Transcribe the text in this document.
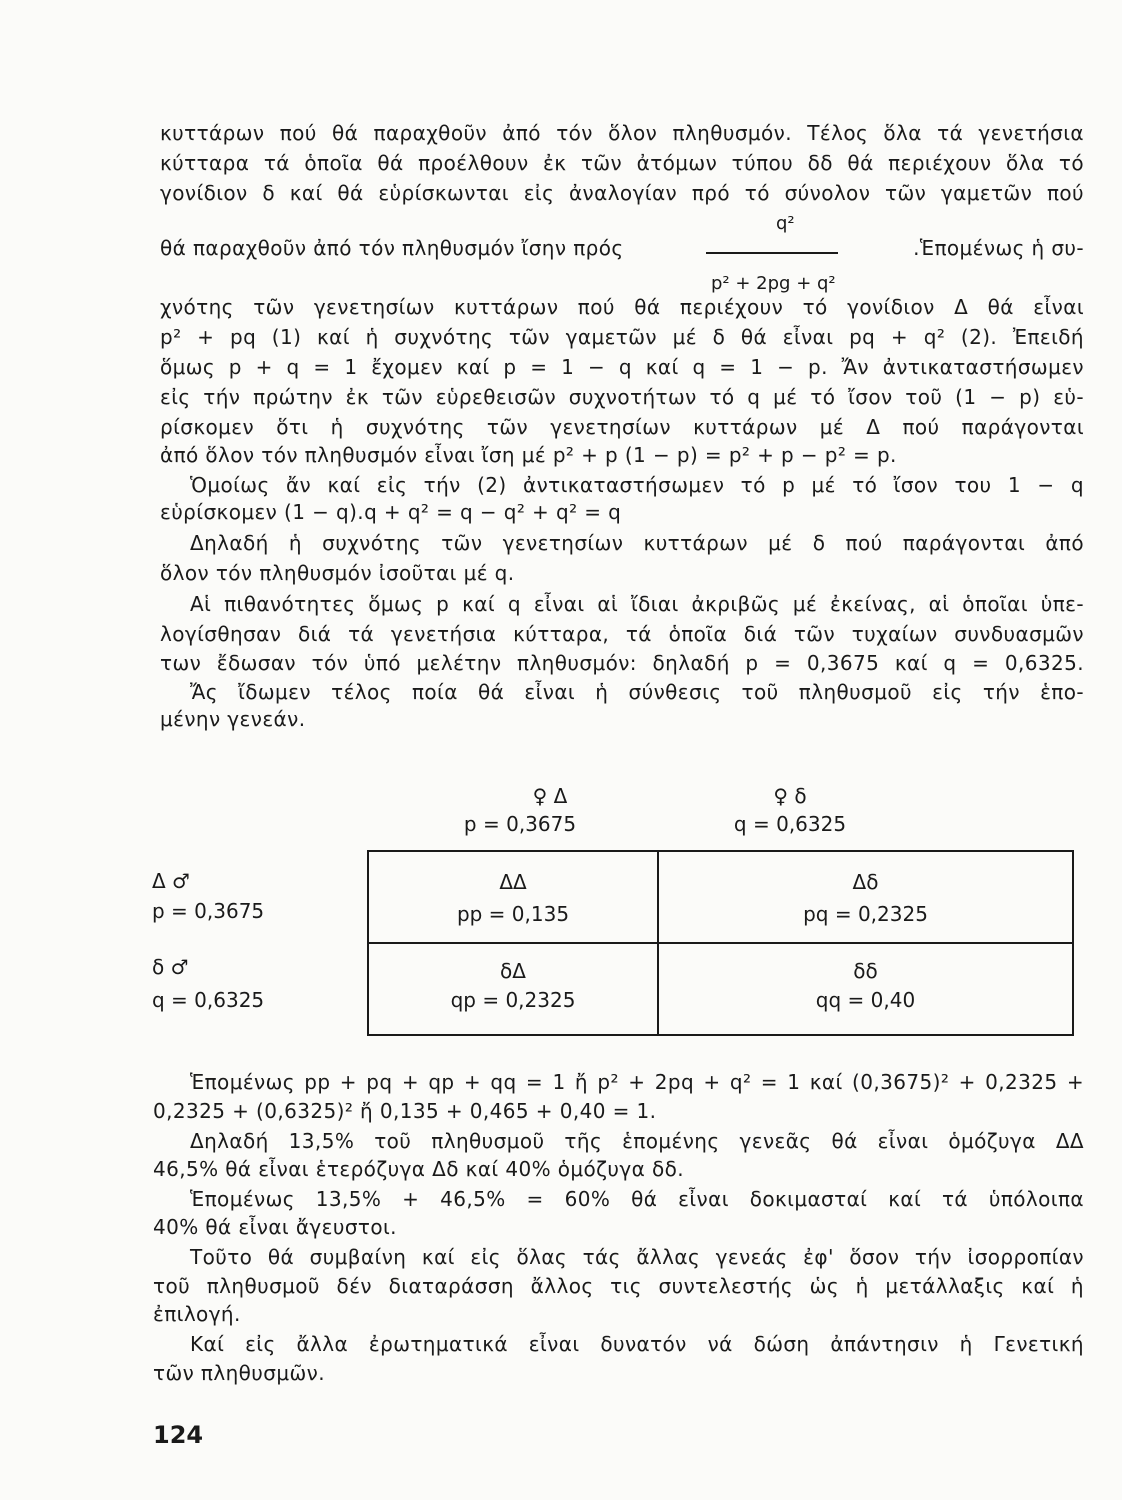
κυττάρων πού θά παραχθοῦν ἀπό τόν ὅλον πληθυσμόν. Τέλος ὅλα τά γενετήσια
κύτταρα τά ὁποῖα θά προέλθουν ἐκ τῶν ἀτόμων τύπου δδ θά περιέχουν ὅλα τό
γονίδιον δ καί θά εὑρίσκωνται εἰς ἀναλογίαν πρό τό σύνολον τῶν γαμετῶν πού
θά παραχθοῦν ἀπό τόν πληθυσμόν ἴσην πρός
q²
p² + 2pg + q²
.Ἑπομένως ἡ συ-
χνότης τῶν γενετησίων κυττάρων πού θά περιέχουν τό γονίδιον Δ θά εἶναι
p² + pq (1) καί ἡ συχνότης τῶν γαμετῶν μέ δ θά εἶναι pq + q² (2). Ἐπειδή
ὅμως p + q = 1 ἔχομεν καί p = 1 − q καί q = 1 − p. Ἄν ἀντικαταστήσωμεν
εἰς τήν πρώτην ἐκ τῶν εὑρεθεισῶν συχνοτήτων τό q μέ τό ἴσον τοῦ (1 − p) εὑ-
ρίσκομεν ὅτι ἡ συχνότης τῶν γενετησίων κυττάρων μέ Δ πού παράγονται
ἀπό ὅλον τόν πληθυσμόν εἶναι ἴση μέ p² + p (1 − p) = p² + p − p² = p.
Ὁμοίως ἄν καί εἰς τήν (2) ἀντικαταστήσωμεν τό p μέ τό ἴσον του 1 − q
εὑρίσκομεν (1 − q).q + q² = q − q² + q² = q
Δηλαδή ἡ συχνότης τῶν γενετησίων κυττάρων μέ δ πού παράγονται ἀπό
ὅλον τόν πληθυσμόν ἰσοῦται μέ q.
Αἱ πιθανότητες ὅμως p καί q εἶναι αἱ ἴδιαι ἀκριβῶς μέ ἐκείνας, αἱ ὁποῖαι ὑπε-
λογίσθησαν διά τά γενετήσια κύτταρα, τά ὁποῖα διά τῶν τυχαίων συνδυασμῶν
των ἔδωσαν τόν ὑπό μελέτην πληθυσμόν: δηλαδή p = 0,3675 καί q = 0,6325.
Ἄς ἴδωμεν τέλος ποία θά εἶναι ἡ σύνθεσις τοῦ πληθυσμοῦ εἰς τήν ἑπο-
μένην γενεάν.
♀ Δ
p = 0,3675
♀ δ
q = 0,6325
Δ ♂
p = 0,3675
δ ♂
q = 0,6325
ΔΔ
pp = 0,135
Δδ
pq = 0,2325
δΔ
qp = 0,2325
δδ
qq = 0,40
Ἑπομένως pp + pq + qp + qq = 1 ἤ p² + 2pq + q² = 1 καί (0,3675)² + 0,2325 +
0,2325 + (0,6325)² ἤ 0,135 + 0,465 + 0,40 = 1.
Δηλαδή 13,5% τοῦ πληθυσμοῦ τῆς ἑπομένης γενεᾶς θά εἶναι ὁμόζυγα ΔΔ
46,5% θά εἶναι ἑτερόζυγα Δδ καί 40% ὁμόζυγα δδ.
Ἑπομένως 13,5% + 46,5% = 60% θά εἶναι δοκιμασταί καί τά ὑπόλοιπα
40% θά εἶναι ἄγευστοι.
Τοῦτο θά συμβαίνη καί εἰς ὅλας τάς ἄλλας γενεάς ἐφ' ὅσον τήν ἰσορροπίαν
τοῦ πληθυσμοῦ δέν διαταράσση ἄλλος τις συντελεστής ὡς ἡ μετάλλαξις καί ἡ
ἐπιλογή.
Καί εἰς ἄλλα ἐρωτηματικά εἶναι δυνατόν νά δώση ἀπάντησιν ἡ Γενετική
τῶν πληθυσμῶν.
124
